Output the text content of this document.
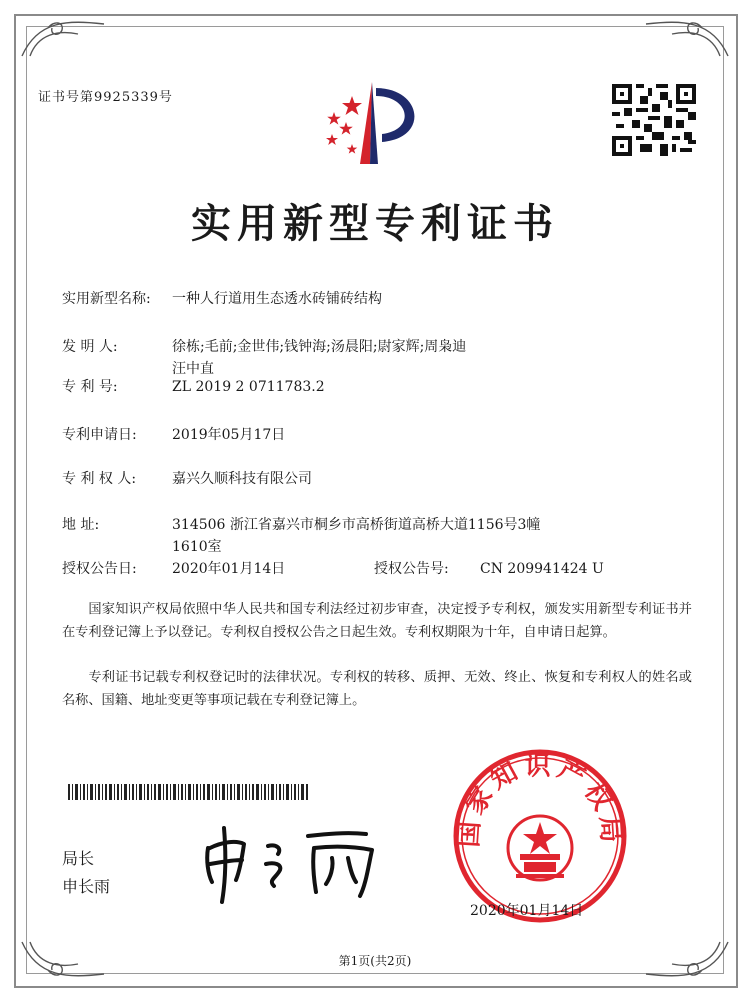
证书号第9925339号
实用新型专利证书
实用新型名称: 一种人行道用生态透水砖铺砖结构
发 明 人:	徐栋;毛前;金世伟;钱钟海;汤晨阳;尉家辉;周枭迪
汪中直
专 利 号:	ZL 2019 2 0711783.2
专利申请日:	2019年05月17日
专 利 权 人:	嘉兴久顺科技有限公司
地 址:	314506 浙江省嘉兴市桐乡市高桥街道高桥大道1156号3幢
1610室
授权公告日:	2020年01月14日	授权公告号: CN 209941424 U
国家知识产权局依照中华人民共和国专利法经过初步审查，决定授予专利权，颁发实用新型专利证书并在专利登记簿上予以登记。专利权自授权公告之日起生效。专利权期限为十年，自申请日起算。
专利证书记载专利权登记时的法律状况。专利权的转移、质押、无效、终止、恢复和专利权人的姓名或名称、国籍、地址变更等事项记载在专利登记簿上。
局长
申长雨
国家知识产权局
2020年01月14日
第1页(共2页)
